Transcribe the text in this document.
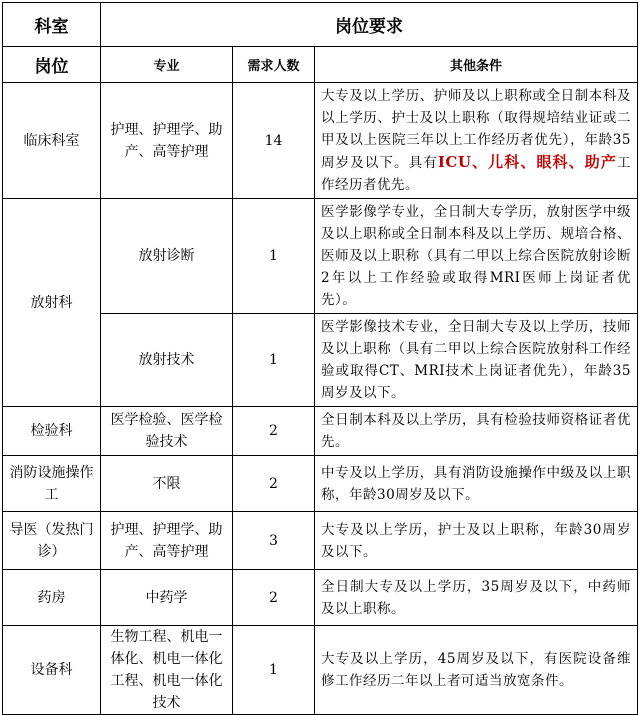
科室	岗位要求		
岗位	专业	需求人数	其他条件
临床科室	护理、护理学、助产、高等护理	14	大专及以上学历、护师及以上职称或全日制本科及以上学历、护士及以上职称（取得规培结业证或二甲及以上医院三年以上工作经历者优先），年龄35周岁及以下。具有ICU、儿科、眼科、助产工作经历者优先。
放射科	放射诊断	1	医学影像学专业，全日制大专学历，放射医学中级及以上职称或全日制本科及以上学历、规培合格、医师及以上职称（具有二甲以上综合医院放射诊断2年以上工作经验或取得MRI医师上岗证者优先）。
	放射技术	1	医学影像技术专业，全日制大专及以上学历，技师及以上职称（具有二甲以上综合医院放射科工作经验或取得CT、MRI技术上岗证者优先），年龄35周岁及以下。
检验科	医学检验、医学检验技术	2	全日制本科及以上学历，具有检验技师资格证者优先。
消防设施操作工	不限	2	中专及以上学历，具有消防设施操作中级及以上职称，年龄30周岁及以下。
导医（发热门诊）	护理、护理学、助产、高等护理	3	大专及以上学历，护士及以上职称，年龄30周岁及以下。
药房	中药学	2	全日制大专及以上学历，35周岁及以下，中药师及以上职称。
设备科	生物工程、机电一体化、机电一体化工程、机电一体化技术	1	大专及以上学历，45周岁及以下，有医院设备维修工作经历二年以上者可适当放宽条件。
